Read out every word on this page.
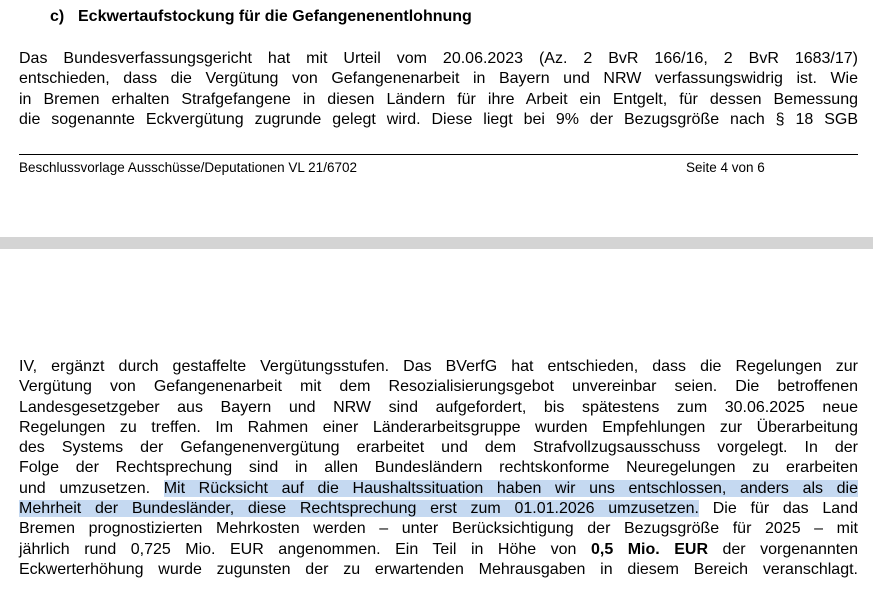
c) Eckwertaufstockung für die Gefangenenentlohnung
Das Bundesverfassungsgericht hat mit Urteil vom 20.06.2023 (Az. 2 BvR 166/16, 2 BvR 1683/17)
entschieden, dass die Vergütung von Gefangenenarbeit in Bayern und NRW verfassungswidrig ist. Wie
in Bremen erhalten Strafgefangene in diesen Ländern für ihre Arbeit ein Entgelt, für dessen Bemessung
die sogenannte Eckvergütung zugrunde gelegt wird. Diese liegt bei 9% der Bezugsgröße nach § 18 SGB
Beschlussvorlage Ausschüsse/Deputationen VL 21/6702	Seite 4 von 6
IV, ergänzt durch gestaffelte Vergütungsstufen. Das BVerfG hat entschieden, dass die Regelungen zur
Vergütung von Gefangenenarbeit mit dem Resozialisierungsgebot unvereinbar seien. Die betroffenen
Landesgesetzgeber aus Bayern und NRW sind aufgefordert, bis spätestens zum 30.06.2025 neue
Regelungen zu treffen. Im Rahmen einer Länderarbeitsgruppe wurden Empfehlungen zur Überarbeitung
des Systems der Gefangenenvergütung erarbeitet und dem Strafvollzugsausschuss vorgelegt. In der
Folge der Rechtsprechung sind in allen Bundesländern rechtskonforme Neuregelungen zu erarbeiten
und umzusetzen. Mit Rücksicht auf die Haushaltssituation haben wir uns entschlossen, anders als die
Mehrheit der Bundesländer, diese Rechtsprechung erst zum 01.01.2026 umzusetzen. Die für das Land
Bremen prognostizierten Mehrkosten werden – unter Berücksichtigung der Bezugsgröße für 2025 – mit
jährlich rund 0,725 Mio. EUR angenommen. Ein Teil in Höhe von 0,5 Mio. EUR der vorgenannten
Eckwerterhöhung wurde zugunsten der zu erwartenden Mehrausgaben in diesem Bereich veranschlagt.
